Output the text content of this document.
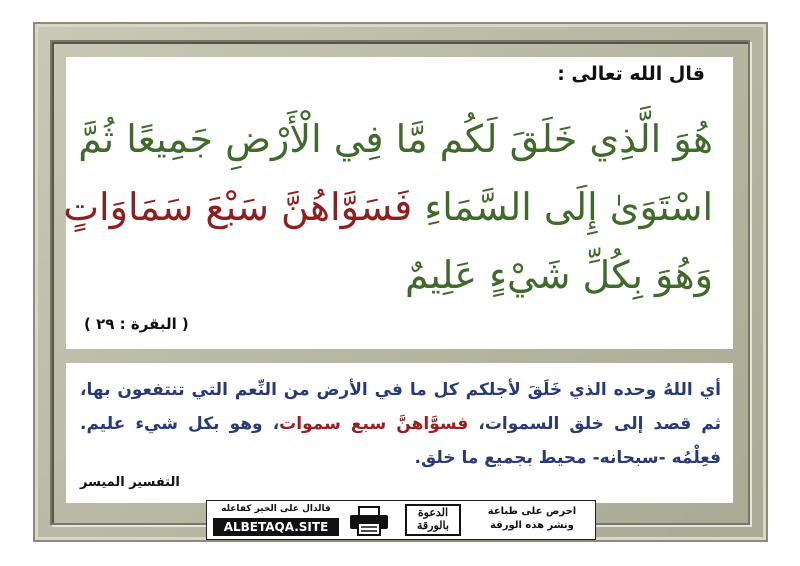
قال الله تعالى :
هُوَ الَّذِي خَلَقَ لَكُم مَّا فِي الْأَرْضِ جَمِيعًا ثُمَّ
اسْتَوَىٰ إِلَى السَّمَاءِ فَسَوَّاهُنَّ سَبْعَ سَمَاوَاتٍ
وَهُوَ بِكُلِّ شَيْءٍ عَلِيمٌ
( البقرة : ٢٩ )
أي اللهُ وحده الذي خَلَقَ لأجلكم كل ما في الأرض من النِّعم التي تنتفعون بها، ثم قصد إلى خلق السموات، فسوَّاهنَّ سبع سموات، وهو بكل شيء عليم. فعِلْمُه -سبحانه- محيط بجميع ما خلق.
التفسير الميسر
احرص على طباعة
ونشر هذه الورقة
الدعوة
بالورقة
فالدال على الخير كفاعله
ALBETAQA.SITE
